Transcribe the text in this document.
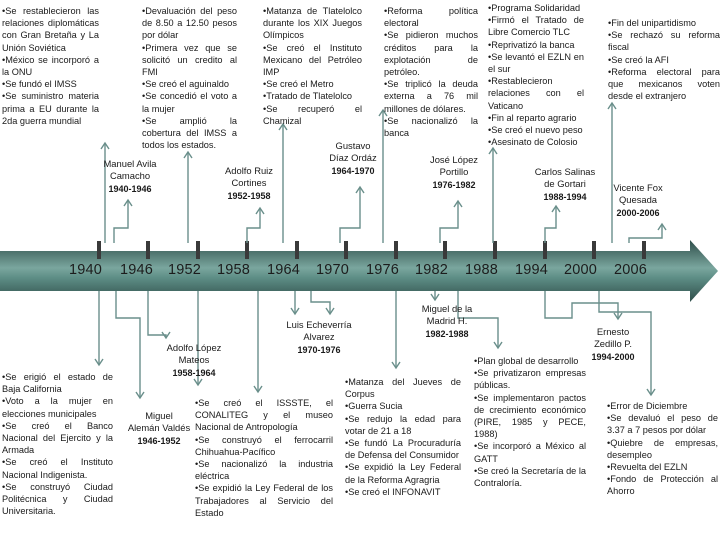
1940 1946 1952 1958 1964 1970 1976 1982 1988 1994 2000 2006
•Se restablecieron las relaciones diplomáticas con Gran Bretaña y La Unión Soviética
•México se incorporó a la ONU
•Se fundó el IMSS
•Se suministro materia prima a EU durante la 2da guerra mundial
•Devaluación del peso de 8.50 a 12.50 pesos por dólar
•Primera vez que se solicitó un credito al FMI
•Se creó el aguinaldo
•Se concedió el voto a la mujer
•Se amplió la cobertura del IMSS a todos los estados.
•Matanza de Tlatelolco durante los XIX Juegos Olímpicos
•Se creó el Instituto Mexicano del Petróleo IMP
•Se creó el Metro
•Tratado de Tlatelolco
•Se recuperó el Chamizal
•Reforma política electoral
•Se pidieron muchos créditos para la explotación de petróleo.
•Se triplicó la deuda externa a 76 mil millones de dólares.
•Se nacionalizó la banca
•Programa Solidaridad
•Firmó el Tratado de Libre Comercio TLC
•Reprivatizó la banca
•Se levantó el EZLN en el sur
•Restablecieron relaciones con el Vaticano
•Fin al reparto agrario
•Se creó el nuevo peso
•Asesinato de Colosio
•Fin del unipartidismo
•Se rechazó su reforma fiscal
•Se creó la AFI
•Reforma electoral para que mexicanos voten desde el extranjero
•Se erigió el estado de Baja California
•Voto a la mujer en elecciones municipales
•Se creó el Banco Nacional del Ejercito y la Armada
•Se creó el Instituto Nacional Indigenista.
•Se construyó Ciudad Politécnica y Ciudad Universitaria.
•Se creó el ISSSTE, el CONALITEG y el museo Nacional de Antropología
•Se construyó el ferrocarril Chihuahua-Pacífico
•Se nacionalizó la industria eléctrica
•Se expidió la Ley Federal de los Trabajadores al Servicio del Estado
•Matanza del Jueves de Corpus
•Guerra Sucia
•Se redujo la edad para votar de 21 a 18
•Se fundó La Procuraduría de Defensa del Consumidor
•Se expidió la Ley Federal de la Reforma Agragria
•Se creó el INFONAVIT
•Plan global de desarrollo
•Se privatizaron empresas públicas.
•Se implementaron pactos de crecimiento económico (PIRE, 1985 y PECE, 1988)
•Se incorporó a México al GATT
•Se creó la Secretaría de la Contraloría.
•Error de Diciembre
•Se devaluó el peso de 3.37 a 7 pesos por dólar
•Quiebre de empresas, desempleo
•Revuelta del EZLN
•Fondo de Protección al Ahorro
Manuel Avila
Camacho
1940-1946
Adolfo Ruiz
Cortines
1952-1958
Gustavo
Díaz Ordáz
1964-1970
José López
Portillo
1976-1982
Carlos Salinas
de Gortari
1988-1994
Vicente Fox
Quesada
2000-2006
Miguel
Alemán Valdés
1946-1952
Adolfo López
Mateos
1958-1964
Luis Echeverría
Alvarez
1970-1976
Miguel de la
Madrid H.
1982-1988	Ernesto
Zedillo P.
1994-2000
